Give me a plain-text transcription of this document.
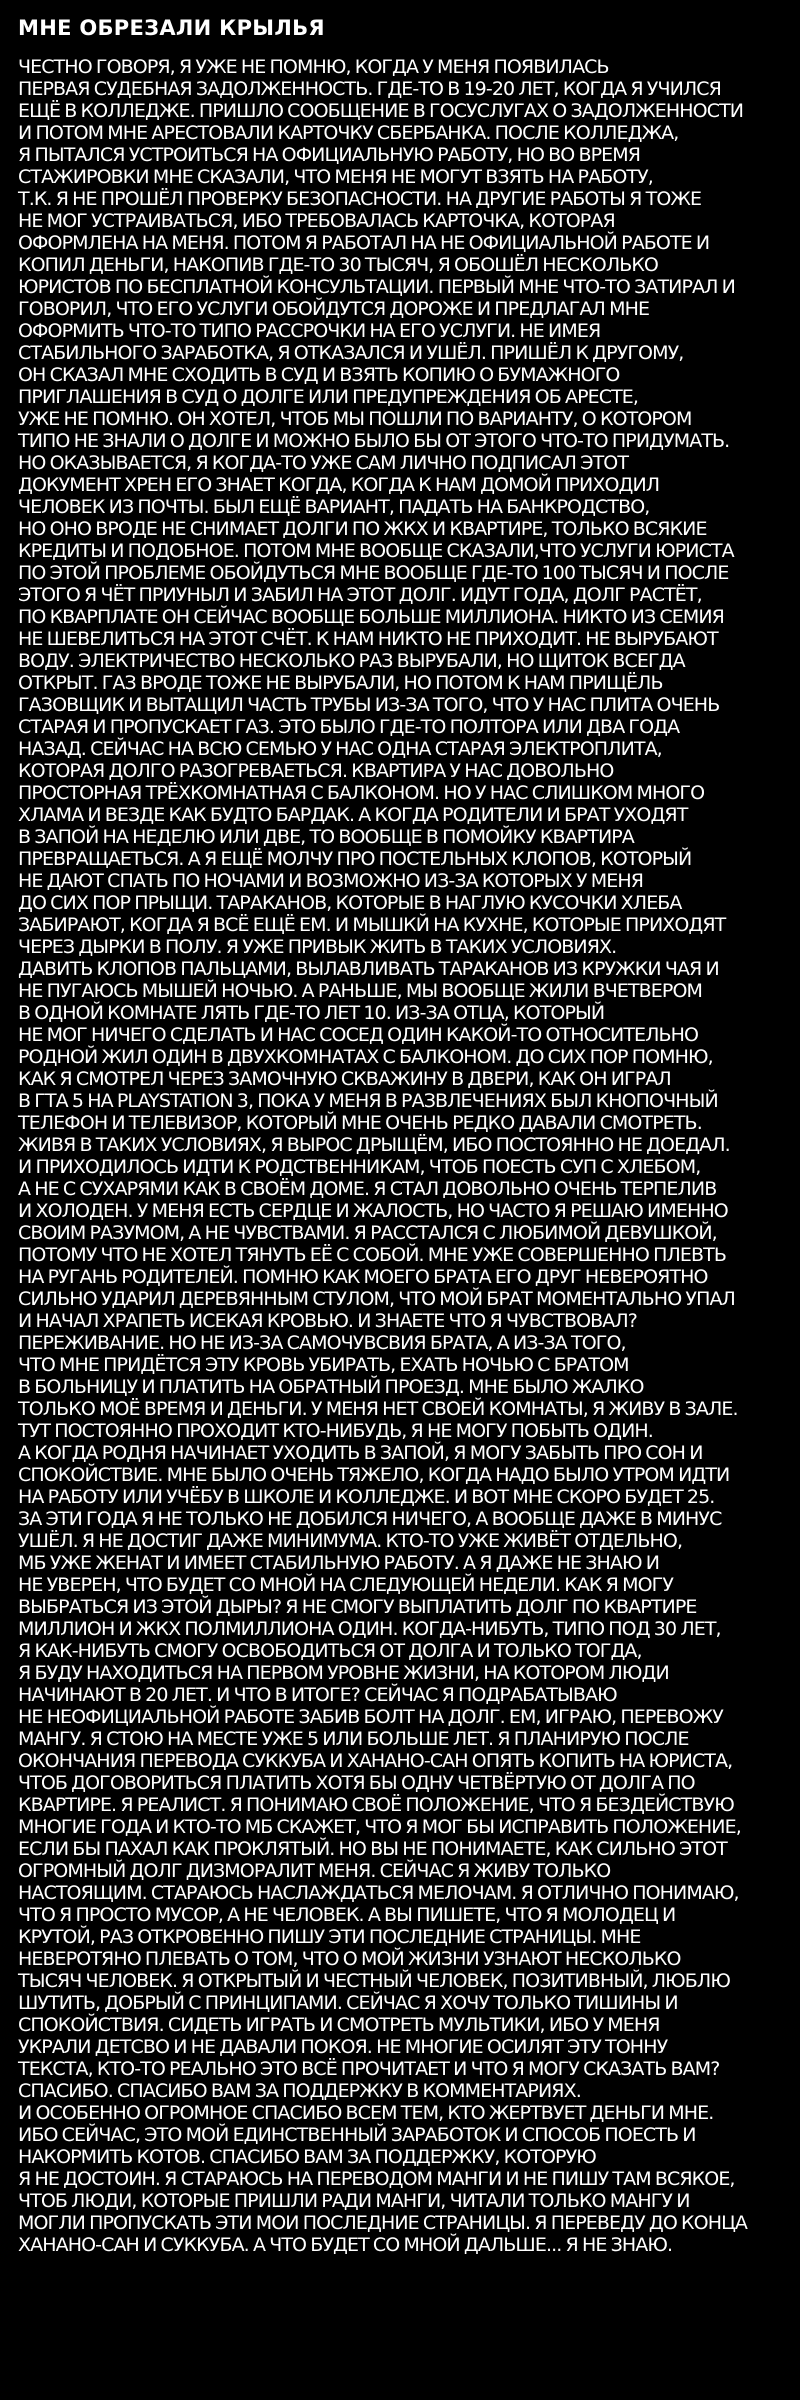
МНЕ ОБРЕЗАЛИ КРЫЛЬЯ
ЧЕСТНО ГОВОРЯ, Я УЖЕ НЕ ПОМНЮ, КОГДА У МЕНЯ ПОЯВИЛАСЬ
ПЕРВАЯ СУДЕБНАЯ ЗАДОЛЖЕННОСТЬ. ГДЕ-ТО В 19-20 ЛЕТ, КОГДА Я УЧИЛСЯ
ЕЩЁ В КОЛЛЕДЖЕ. ПРИШЛО СООБЩЕНИЕ В ГОСУСЛУГАХ О ЗАДОЛЖЕННОСТИ
И ПОТОМ МНЕ АРЕСТОВАЛИ КАРТОЧКУ СБЕРБАНКА. ПОСЛЕ КОЛЛЕДЖА,
Я ПЫТАЛСЯ УСТРОИТЬСЯ НА ОФИЦИАЛЬНУЮ РАБОТУ, НО ВО ВРЕМЯ
СТАЖИРОВКИ МНЕ СКАЗАЛИ, ЧТО МЕНЯ НЕ МОГУТ ВЗЯТЬ НА РАБОТУ,
Т.К. Я НЕ ПРОШЁЛ ПРОВЕРКУ БЕЗОПАСНОСТИ. НА ДРУГИЕ РАБОТЫ Я ТОЖЕ
НЕ МОГ УСТРАИВАТЬСЯ, ИБО ТРЕБОВАЛАСЬ КАРТОЧКА, КОТОРАЯ
ОФОРМЛЕНА НА МЕНЯ. ПОТОМ Я РАБОТАЛ НА НЕ ОФИЦИАЛЬНОЙ РАБОТЕ И
КОПИЛ ДЕНЬГИ, НАКОПИВ ГДЕ-ТО 30 ТЫСЯЧ, Я ОБОШЁЛ НЕСКОЛЬКО
ЮРИСТОВ ПО БЕСПЛАТНОЙ КОНСУЛЬТАЦИИ. ПЕРВЫЙ МНЕ ЧТО-ТО ЗАТИРАЛ И
ГОВОРИЛ, ЧТО ЕГО УСЛУГИ ОБОЙДУТСЯ ДОРОЖЕ И ПРЕДЛАГАЛ МНЕ
ОФОРМИТЬ ЧТО-ТО ТИПО РАССРОЧКИ НА ЕГО УСЛУГИ. НЕ ИМЕЯ
СТАБИЛЬНОГО ЗАРАБОТКА, Я ОТКАЗАЛСЯ И УШЁЛ. ПРИШЁЛ К ДРУГОМУ,
ОН СКАЗАЛ МНЕ СХОДИТЬ В СУД И ВЗЯТЬ КОПИЮ О БУМАЖНОГО
ПРИГЛАШЕНИЯ В СУД О ДОЛГЕ ИЛИ ПРЕДУПРЕЖДЕНИЯ ОБ АРЕСТЕ,
УЖЕ НЕ ПОМНЮ. ОН ХОТЕЛ, ЧТОБ МЫ ПОШЛИ ПО ВАРИАНТУ, О КОТОРОМ
ТИПО НЕ ЗНАЛИ О ДОЛГЕ И МОЖНО БЫЛО БЫ ОТ ЭТОГО ЧТО-ТО ПРИДУМАТЬ.
НО ОКАЗЫВАЕТСЯ, Я КОГДА-ТО УЖЕ САМ ЛИЧНО ПОДПИСАЛ ЭТОТ
ДОКУМЕНТ ХРЕН ЕГО ЗНАЕТ КОГДА, КОГДА К НАМ ДОМОЙ ПРИХОДИЛ
ЧЕЛОВЕК ИЗ ПОЧТЫ. БЫЛ ЕЩЁ ВАРИАНТ, ПАДАТЬ НА БАНКРОДСТВО,
НО ОНО ВРОДЕ НЕ СНИМАЕТ ДОЛГИ ПО ЖКХ И КВАРТИРЕ, ТОЛЬКО ВСЯКИЕ
КРЕДИТЫ И ПОДОБНОЕ. ПОТОМ МНЕ ВООБЩЕ СКАЗАЛИ,ЧТО УСЛУГИ ЮРИСТА
ПО ЭТОЙ ПРОБЛЕМЕ ОБОЙДУТЬСЯ МНЕ ВООБЩЕ ГДЕ-ТО 100 ТЫСЯЧ И ПОСЛЕ
ЭТОГО Я ЧЁТ ПРИУНЫЛ И ЗАБИЛ НА ЭТОТ ДОЛГ. ИДУТ ГОДА, ДОЛГ РАСТЁТ,
ПО КВАРПЛАТЕ ОН СЕЙЧАС ВООБЩЕ БОЛЬШЕ МИЛЛИОНА. НИКТО ИЗ СЕМИЯ
НЕ ШЕВЕЛИТЬСЯ НА ЭТОТ СЧЁТ. К НАМ НИКТО НЕ ПРИХОДИТ. НЕ ВЫРУБАЮТ
ВОДУ. ЭЛЕКТРИЧЕСТВО НЕСКОЛЬКО РАЗ ВЫРУБАЛИ, НО ЩИТОК ВСЕГДА
ОТКРЫТ. ГАЗ ВРОДЕ ТОЖЕ НЕ ВЫРУБАЛИ, НО ПОТОМ К НАМ ПРИЩЁЛЬ
ГАЗОВЩИК И ВЫТАЩИЛ ЧАСТЬ ТРУБЫ ИЗ-ЗА ТОГО, ЧТО У НАС ПЛИТА ОЧЕНЬ
СТАРАЯ И ПРОПУСКАЕТ ГАЗ. ЭТО БЫЛО ГДЕ-ТО ПОЛТОРА ИЛИ ДВА ГОДА
НАЗАД. СЕЙЧАС НА ВСЮ СЕМЬЮ У НАС ОДНА СТАРАЯ ЭЛЕКТРОПЛИТА,
КОТОРАЯ ДОЛГО РАЗОГРЕВАЕТЬСЯ. КВАРТИРА У НАС ДОВОЛЬНО
ПРОСТОРНАЯ ТРЁХКОМНАТНАЯ С БАЛКОНОМ. НО У НАС СЛИШКОМ МНОГО
ХЛАМА И ВЕЗДЕ КАК БУДТО БАРДАК. А КОГДА РОДИТЕЛИ И БРАТ УХОДЯТ
В ЗАПОЙ НА НЕДЕЛЮ ИЛИ ДВЕ, ТО ВООБЩЕ В ПОМОЙКУ КВАРТИРА
ПРЕВРАЩАЕТЬСЯ. А Я ЕЩЁ МОЛЧУ ПРО ПОСТЕЛЬНЫХ КЛОПОВ, КОТОРЫЙ
НЕ ДАЮТ СПАТЬ ПО НОЧАМИ И ВОЗМОЖНО ИЗ-ЗА КОТОРЫХ У МЕНЯ
ДО СИХ ПОР ПРЫЩИ. ТАРАКАНОВ, КОТОРЫЕ В НАГЛУЮ КУСОЧКИ ХЛЕБА
ЗАБИРАЮТ, КОГДА Я ВСЁ ЕЩЁ ЕМ. И МЫШКЙ НА КУХНЕ, КОТОРЫЕ ПРИХОДЯТ
ЧЕРЕЗ ДЫРКИ В ПОЛУ. Я УЖЕ ПРИВЫК ЖИТЬ В ТАКИХ УСЛОВИЯХ.
ДАВИТЬ КЛОПОВ ПАЛЬЦАМИ, ВЫЛАВЛИВАТЬ ТАРАКАНОВ ИЗ КРУЖКИ ЧАЯ И
НЕ ПУГАЮСЬ МЫШЕЙ НОЧЬЮ. А РАНЬШЕ, МЫ ВООБЩЕ ЖИЛИ ВЧЕТВЕРОМ
В ОДНОЙ КОМНАТЕ ЛЯТЬ ГДЕ-ТО ЛЕТ 10. ИЗ-ЗА ОТЦА, КОТОРЫЙ
НЕ МОГ НИЧЕГО СДЕЛАТЬ И НАС СОСЕД ОДИН КАКОЙ-ТО ОТНОСИТЕЛЬНО
РОДНОЙ ЖИЛ ОДИН В ДВУХКОМНАТАХ С БАЛКОНОМ. ДО СИХ ПОР ПОМНЮ,
КАК Я СМОТРЕЛ ЧЕРЕЗ ЗАМОЧНУЮ СКВАЖИНУ В ДВЕРИ, КАК ОН ИГРАЛ
В ГТА 5 НА PLAYSTATION 3, ПОКА У МЕНЯ В РАЗВЛЕЧЕНИЯХ БЫЛ КНОПОЧНЫЙ
ТЕЛЕФОН И ТЕЛЕВИЗОР, КОТОРЫЙ МНЕ ОЧЕНЬ РЕДКО ДАВАЛИ СМОТРЕТЬ.
ЖИВЯ В ТАКИХ УСЛОВИЯХ, Я ВЫРОС ДРЫЩЁМ, ИБО ПОСТОЯННО НЕ ДОЕДАЛ.
И ПРИХОДИЛОСЬ ИДТИ К РОДСТВЕННИКАМ, ЧТОБ ПОЕСТЬ СУП С ХЛЕБОМ,
А НЕ С СУХАРЯМИ КАК В СВОЁМ ДОМЕ. Я СТАЛ ДОВОЛЬНО ОЧЕНЬ ТЕРПЕЛИВ
И ХОЛОДЕН. У МЕНЯ ЕСТЬ СЕРДЦЕ И ЖАЛОСТЬ, НО ЧАСТО Я РЕШАЮ ИМЕННО
СВОИМ РАЗУМОМ, А НЕ ЧУВСТВАМИ. Я РАССТАЛСЯ С ЛЮБИМОЙ ДЕВУШКОЙ,
ПОТОМУ ЧТО НЕ ХОТЕЛ ТЯНУТЬ ЕЁ С СОБОЙ. МНЕ УЖЕ СОВЕРШЕННО ПЛЕВТЬ
НА РУГАНЬ РОДИТЕЛЕЙ. ПОМНЮ КАК МОЕГО БРАТА ЕГО ДРУГ НЕВЕРОЯТНО
СИЛЬНО УДАРИЛ ДЕРЕВЯННЫМ СТУЛОМ, ЧТО МОЙ БРАТ МОМЕНТАЛЬНО УПАЛ
И НАЧАЛ ХРАПЕТЬ ИСЕКАЯ КРОВЬЮ. И ЗНАЕТЕ ЧТО Я ЧУВСТВОВАЛ?
ПЕРЕЖИВАНИЕ. НО НЕ ИЗ-ЗА САМОЧУВСВИЯ БРАТА, А ИЗ-ЗА ТОГО,
ЧТО МНЕ ПРИДЁТСЯ ЭТУ КРОВЬ УБИРАТЬ, ЕХАТЬ НОЧЬЮ С БРАТОМ
В БОЛЬНИЦУ И ПЛАТИТЬ НА ОБРАТНЫЙ ПРОЕЗД. МНЕ БЫЛО ЖАЛКО
ТОЛЬКО МОЁ ВРЕМЯ И ДЕНЬГИ. У МЕНЯ НЕТ СВОЕЙ КОМНАТЫ, Я ЖИВУ В ЗАЛЕ.
ТУТ ПОСТОЯННО ПРОХОДИТ КТО-НИБУДЬ, Я НЕ МОГУ ПОБЫТЬ ОДИН.
А КОГДА РОДНЯ НАЧИНАЕТ УХОДИТЬ В ЗАПОЙ, Я МОГУ ЗАБЫТЬ ПРО СОН И
СПОКОЙСТВИЕ. МНЕ БЫЛО ОЧЕНЬ ТЯЖЕЛО, КОГДА НАДО БЫЛО УТРОМ ИДТИ
НА РАБОТУ ИЛИ УЧЁБУ В ШКОЛЕ И КОЛЛЕДЖЕ. И ВОТ МНЕ СКОРО БУДЕТ 25.
ЗА ЭТИ ГОДА Я НЕ ТОЛЬКО НЕ ДОБИЛСЯ НИЧЕГО, А ВООБЩЕ ДАЖЕ В МИНУС
УШЁЛ. Я НЕ ДОСТИГ ДАЖЕ МИНИМУМА. КТО-ТО УЖЕ ЖИВЁТ ОТДЕЛЬНО,
МБ УЖЕ ЖЕНАТ И ИМЕЕТ СТАБИЛЬНУЮ РАБОТУ. А Я ДАЖЕ НЕ ЗНАЮ И
НЕ УВЕРЕН, ЧТО БУДЕТ СО МНОЙ НА СЛЕДУЮЩЕЙ НЕДЕЛИ. КАК Я МОГУ
ВЫБРАТЬСЯ ИЗ ЭТОЙ ДЫРЫ? Я НЕ СМОГУ ВЫПЛАТИТЬ ДОЛГ ПО КВАРТИРЕ
МИЛЛИОН И ЖКХ ПОЛМИЛЛИОНА ОДИН. КОГДА-НИБУТЬ, ТИПО ПОД 30 ЛЕТ,
Я КАК-НИБУТЬ СМОГУ ОСВОБОДИТЬСЯ ОТ ДОЛГА И ТОЛЬКО ТОГДА,
Я БУДУ НАХОДИТЬСЯ НА ПЕРВОМ УРОВНЕ ЖИЗНИ, НА КОТОРОМ ЛЮДИ
НАЧИНАЮТ В 20 ЛЕТ. И ЧТО В ИТОГЕ? СЕЙЧАС Я ПОДРАБАТЫВАЮ
НЕ НЕОФИЦИАЛЬНОЙ РАБОТЕ ЗАБИВ БОЛТ НА ДОЛГ. ЕМ, ИГРАЮ, ПЕРЕВОЖУ
МАНГУ. Я СТОЮ НА МЕСТЕ УЖЕ 5 ИЛИ БОЛЬШЕ ЛЕТ. Я ПЛАНИРУЮ ПОСЛЕ
ОКОНЧАНИЯ ПЕРЕВОДА СУККУБА И ХАНАНО-САН ОПЯТЬ КОПИТЬ НА ЮРИСТА,
ЧТОБ ДОГОВОРИТЬСЯ ПЛАТИТЬ ХОТЯ БЫ ОДНУ ЧЕТВЁРТУЮ ОТ ДОЛГА ПО
КВАРТИРЕ. Я РЕАЛИСТ. Я ПОНИМАЮ СВОЁ ПОЛОЖЕНИЕ, ЧТО Я БЕЗДЕЙСТВУЮ
МНОГИЕ ГОДА И КТО-ТО МБ СКАЖЕТ, ЧТО Я МОГ БЫ ИСПРАВИТЬ ПОЛОЖЕНИЕ,
ЕСЛИ БЫ ПАХАЛ КАК ПРОКЛЯТЫЙ. НО ВЫ НЕ ПОНИМАЕТЕ, КАК СИЛЬНО ЭТОТ
ОГРОМНЫЙ ДОЛГ ДИЗМОРАЛИТ МЕНЯ. СЕЙЧАС Я ЖИВУ ТОЛЬКО
НАСТОЯЩИМ. СТАРАЮСЬ НАСЛАЖДАТЬСЯ МЕЛОЧАМ. Я ОТЛИЧНО ПОНИМАЮ,
ЧТО Я ПРОСТО МУСОР, А НЕ ЧЕЛОВЕК. А ВЫ ПИШЕТЕ, ЧТО Я МОЛОДЕЦ И
КРУТОЙ, РАЗ ОТКРОВЕННО ПИШУ ЭТИ ПОСЛЕДНИЕ СТРАНИЦЫ. МНЕ
НЕВЕРОТЯНО ПЛЕВАТЬ О ТОМ, ЧТО О МОЙ ЖИЗНИ УЗНАЮТ НЕСКОЛЬКО
ТЫСЯЧ ЧЕЛОВЕК. Я ОТКРЫТЫЙ И ЧЕСТНЫЙ ЧЕЛОВЕК, ПОЗИТИВНЫЙ, ЛЮБЛЮ
ШУТИТЬ, ДОБРЫЙ С ПРИНЦИПАМИ. СЕЙЧАС Я ХОЧУ ТОЛЬКО ТИШИНЫ И
СПОКОЙСТВИЯ. СИДЕТЬ ИГРАТЬ И СМОТРЕТЬ МУЛЬТИКИ, ИБО У МЕНЯ
УКРАЛИ ДЕТСВО И НЕ ДАВАЛИ ПОКОЯ. НЕ МНОГИЕ ОСИЛЯТ ЭТУ ТОННУ
ТЕКСТА, КТО-ТО РЕАЛЬНО ЭТО ВСЁ ПРОЧИТАЕТ И ЧТО Я МОГУ СКАЗАТЬ ВАМ?
СПАСИБО. СПАСИБО ВАМ ЗА ПОДДЕРЖКУ В КОММЕНТАРИЯХ.
И ОСОБЕННО ОГРОМНОЕ СПАСИБО ВСЕМ ТЕМ, КТО ЖЕРТВУЕТ ДЕНЬГИ МНЕ.
ИБО СЕЙЧАС, ЭТО МОЙ ЕДИНСТВЕННЫЙ ЗАРАБОТОК И СПОСОБ ПОЕСТЬ И
НАКОРМИТЬ КОТОВ. СПАСИБО ВАМ ЗА ПОДДЕРЖКУ, КОТОРУЮ
Я НЕ ДОСТОИН. Я СТАРАЮСЬ НА ПЕРЕВОДОМ МАНГИ И НЕ ПИШУ ТАМ ВСЯКОЕ,
ЧТОБ ЛЮДИ, КОТОРЫЕ ПРИШЛИ РАДИ МАНГИ, ЧИТАЛИ ТОЛЬКО МАНГУ И
МОГЛИ ПРОПУСКАТЬ ЭТИ МОИ ПОСЛЕДНИЕ СТРАНИЦЫ. Я ПЕРЕВЕДУ ДО КОНЦА
ХАНАНО-САН И СУККУБА. А ЧТО БУДЕТ СО МНОЙ ДАЛЬШЕ... Я НЕ ЗНАЮ.
